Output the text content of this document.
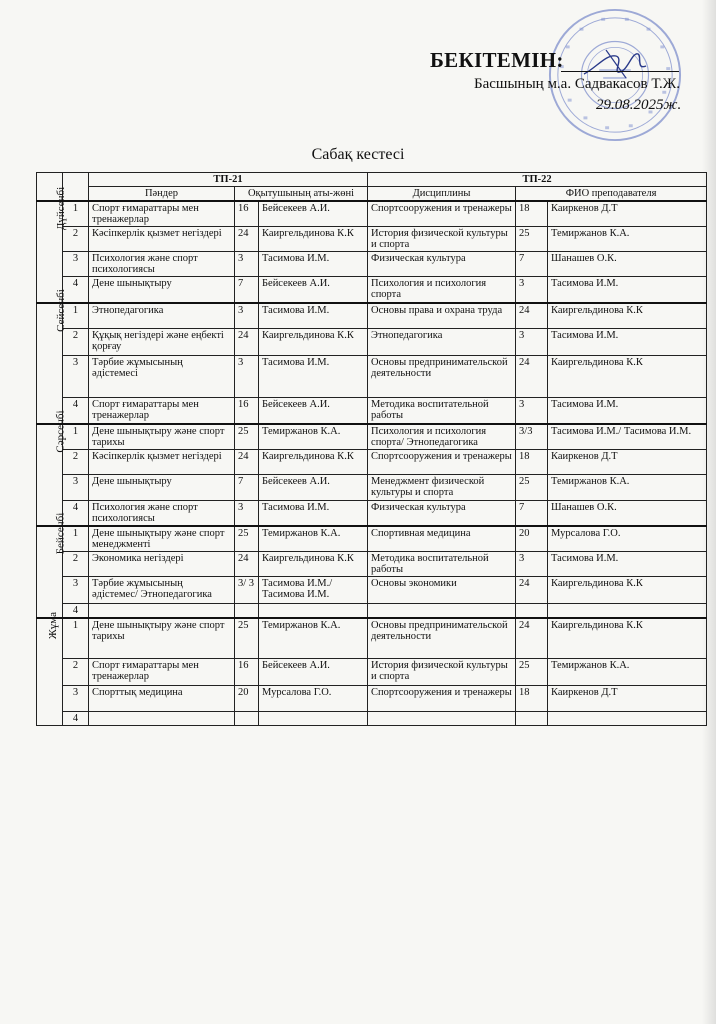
БЕКІТЕМІН:
Басшының м.а. Садвакасов Т.Ж.
29.08.2025ж.
Сабақ кестесі
		ТП-21			ТП-22		
		Пәндер	Оқытушының аты-жөні		Дисциплины	ФИО преподавателя	
Дүйсенбі	1	Спорт ғимараттары мен тренажерлар	16	Бейсекеев А.И.	Спортсооружения и тренажеры	18	Каиркенов Д.Т
	2	Кәсіпкерлік қызмет негіздері	24	Каиргельдинова К.К	История физической культуры и спорта	25	Темиржанов К.А.
	3	Психология және спорт психологиясы	3	Тасимова И.М.	Физическая культура	7	Шанашев О.К.
	4	Дене шынықтыру	7	Бейсекеев А.И.	Психология и психология спорта	3	Тасимова И.М.
Сейсенбі	1	Этнопедагогика	3	Тасимова И.М.	Основы права и охрана труда	24	Каиргельдинова К.К
	2	Құқық негіздері және еңбекті қорғау	24	Каиргельдинова К.К	Этнопедагогика	3	Тасимова И.М.
	3	Тәрбие жұмысының әдістемесі	3	Тасимова И.М.	Основы предпринимательской деятельности	24	Каиргельдинова К.К
	4	Спорт ғимараттары мен тренажерлар	16	Бейсекеев А.И.	Методика воспитательной работы	3	Тасимова И.М.
Сәрсенбі	1	Дене шынықтыру және спорт тарихы	25	Темиржанов К.А.	Психология и психология спорта/ Этнопедагогика	3/3	Тасимова И.М./ Тасимова И.М.
	2	Кәсіпкерлік қызмет негіздері	24	Каиргельдинова К.К	Спортсооружения и тренажеры	18	Каиркенов Д.Т
	3	Дене шынықтыру	7	Бейсекеев А.И.	Менеджмент физической культуры и спорта	25	Темиржанов К.А.
	4	Психология және спорт психологиясы	3	Тасимова И.М.	Физическая культура	7	Шанашев О.К.
Бейсенбі	1	Дене шынықтыру және спорт менеджменті	25	Темиржанов К.А.	Спортивная медицина	20	Мурсалова Г.О.
	2	Экономика негіздері	24	Каиргельдинова К.К	Методика воспитательной работы	3	Тасимова И.М.
	3	Тәрбие жұмысының әдістемес/ Этнопедагогика	3/ 3	Тасимова И.М./ Тасимова И.М.	Основы экономики	24	Каиргельдинова К.К
	4						
Жұма	1	Дене шынықтыру және спорт тарихы	25	Темиржанов К.А.	Основы предпринимательской деятельности	24	Каиргельдинова К.К
	2	Спорт ғимараттары мен тренажерлар	16	Бейсекеев А.И.	История физической культуры и спорта	25	Темиржанов К.А.
	3	Спорттық медицина	20	Мурсалова Г.О.	Спортсооружения и тренажеры	18	Каиркенов Д.Т
	4						
